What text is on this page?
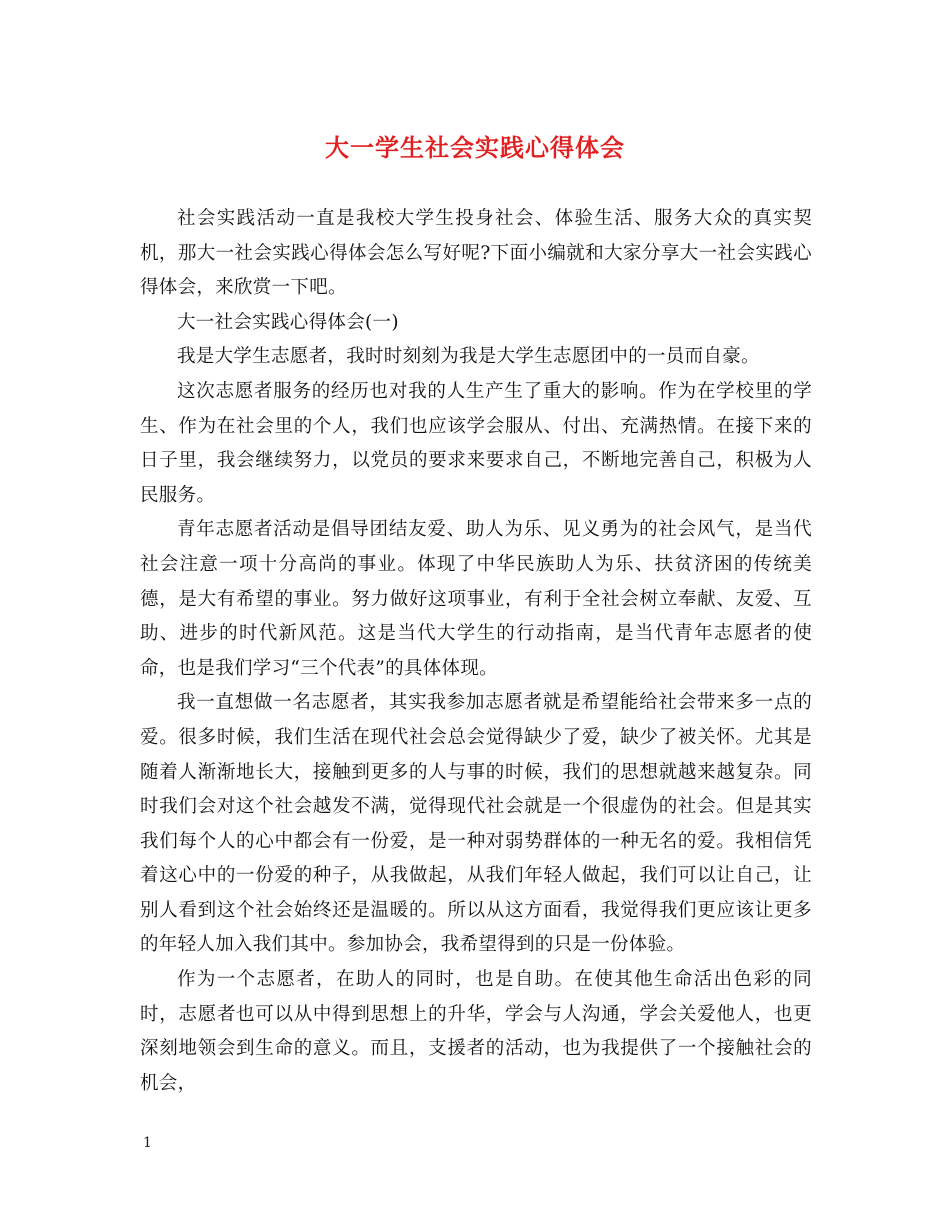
大一学生社会实践心得体会

社会实践活动一直是我校大学生投身社会、体验生活、服务大众的真实契机，那大一社会实践心得体会怎么写好呢?下面小编就和大家分享大一社会实践心得体会，来欣赏一下吧。

大一社会实践心得体会(一)

我是大学生志愿者，我时时刻刻为我是大学生志愿团中的一员而自豪。

这次志愿者服务的经历也对我的人生产生了重大的影响。作为在学校里的学生、作为在社会里的个人，我们也应该学会服从、付出、充满热情。在接下来的日子里，我会继续努力，以党员的要求来要求自己，不断地完善自己，积极为人民服务。

青年志愿者活动是倡导团结友爱、助人为乐、见义勇为的社会风气，是当代社会注意一项十分高尚的事业。体现了中华民族助人为乐、扶贫济困的传统美德，是大有希望的事业。努力做好这项事业，有利于全社会树立奉献、友爱、互助、进步的时代新风范。这是当代大学生的行动指南，是当代青年志愿者的使命，也是我们学习“三个代表”的具体体现。

我一直想做一名志愿者，其实我参加志愿者就是希望能给社会带来多一点的爱。很多时候，我们生活在现代社会总会觉得缺少了爱，缺少了被关怀。尤其是随着人渐渐地长大，接触到更多的人与事的时候，我们的思想就越来越复杂。同时我们会对这个社会越发不满，觉得现代社会就是一个很虚伪的社会。但是其实我们每个人的心中都会有一份爱，是一种对弱势群体的一种无名的爱。我相信凭着这心中的一份爱的种子，从我做起，从我们年轻人做起，我们可以让自己，让别人看到这个社会始终还是温暖的。所以从这方面看，我觉得我们更应该让更多的年轻人加入我们其中。参加协会，我希望得到的只是一份体验。

作为一个志愿者，在助人的同时，也是自助。在使其他生命活出色彩的同时，志愿者也可以从中得到思想上的升华，学会与人沟通，学会关爱他人，也更深刻地领会到生命的意义。而且，支援者的活动，也为我提供了一个接触社会的机会，

1
